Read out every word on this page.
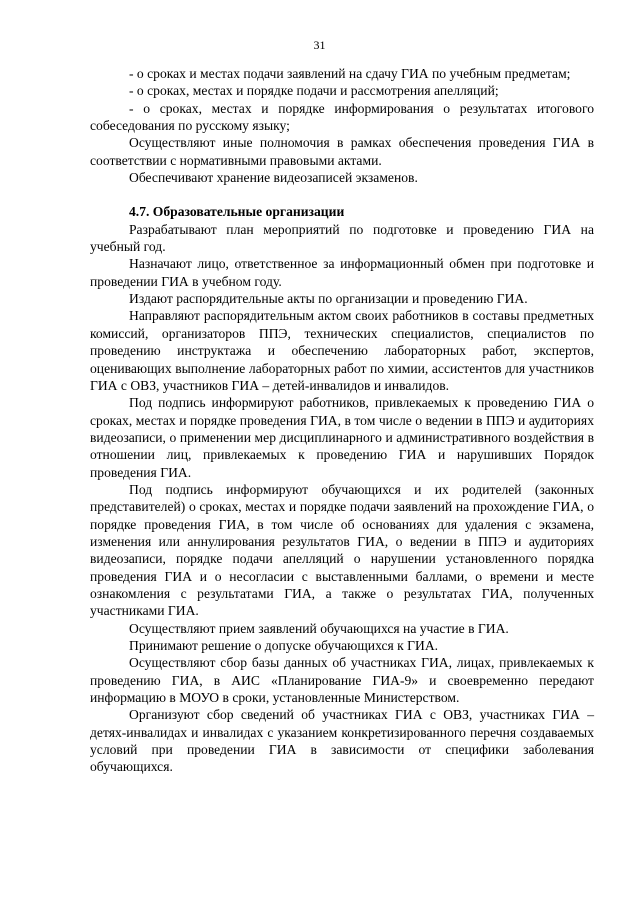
31

- о сроках и местах подачи заявлений на сдачу ГИА по учебным предметам;

- о сроках, местах и порядке подачи и рассмотрения апелляций;

- о сроках, местах и порядке информирования о результатах итогового собеседования по русскому языку;

Осуществляют иные полномочия в рамках обеспечения проведения ГИА в соответствии с нормативными правовыми актами.

Обеспечивают хранение видеозаписей экзаменов.

4.7. Образовательные организации

Разрабатывают план мероприятий по подготовке и проведению ГИА на учебный год.

Назначают лицо, ответственное за информационный обмен при подготовке и проведении ГИА в учебном году.

Издают распорядительные акты по организации и проведению ГИА.

Направляют распорядительным актом своих работников в составы предметных комиссий, организаторов ППЭ, технических специалистов, специалистов по проведению инструктажа и обеспечению лабораторных работ, экспертов, оценивающих выполнение лабораторных работ по химии, ассистентов для участников ГИА с ОВЗ, участников ГИА – детей-инвалидов и инвалидов.

Под подпись информируют работников, привлекаемых к проведению ГИА о сроках, местах и порядке проведения ГИА, в том числе о ведении в ППЭ и аудиториях видеозаписи, о применении мер дисциплинарного и административного воздействия в отношении лиц, привлекаемых к проведению ГИА и нарушивших Порядок проведения ГИА.

Под подпись информируют обучающихся и их родителей (законных представителей) о сроках, местах и порядке подачи заявлений на прохождение ГИА, о порядке проведения ГИА, в том числе об основаниях для удаления с экзамена, изменения или аннулирования результатов ГИА, о ведении в ППЭ и аудиториях видеозаписи, порядке подачи апелляций о нарушении установленного порядка проведения ГИА и о несогласии с выставленными баллами, о времени и месте ознакомления с результатами ГИА, а также о результатах ГИА, полученных участниками ГИА.

Осуществляют прием заявлений обучающихся на участие в ГИА.

Принимают решение о допуске обучающихся к ГИА.

Осуществляют сбор базы данных об участниках ГИА, лицах, привлекаемых к проведению ГИА, в АИС «Планирование ГИА-9» и своевременно передают информацию в МОУО в сроки, установленные Министерством.

Организуют сбор сведений об участниках ГИА с ОВЗ, участниках ГИА – детях-инвалидах и инвалидах с указанием конкретизированного перечня создаваемых условий при проведении ГИА в зависимости от специфики заболевания обучающихся.
